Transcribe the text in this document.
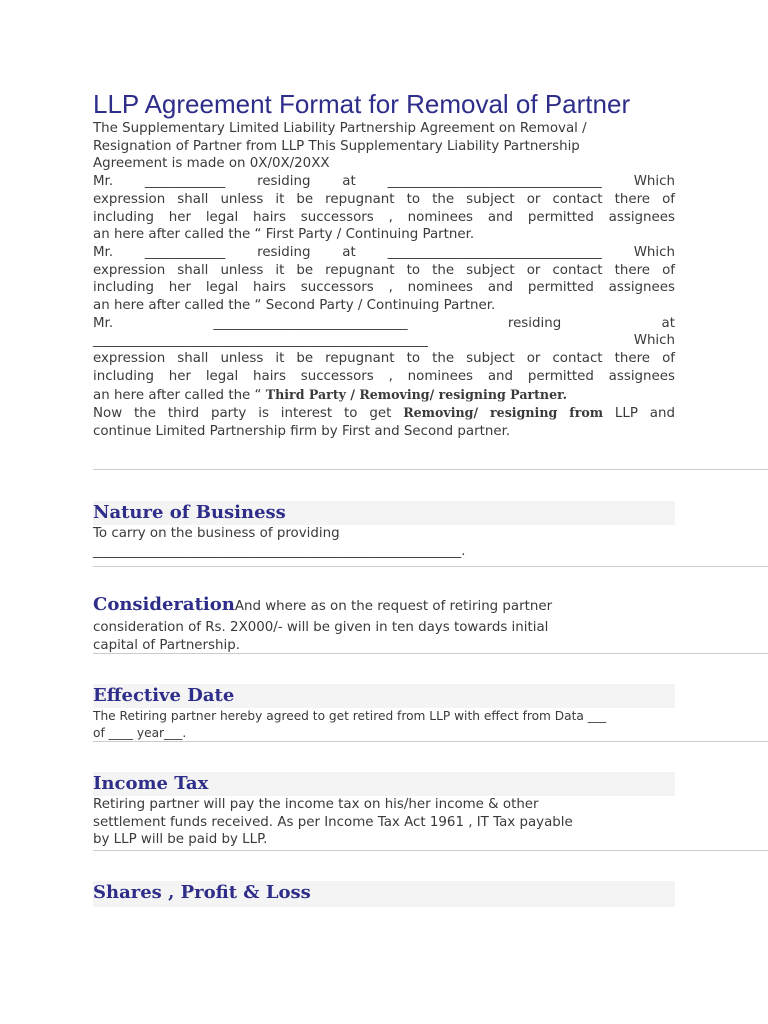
LLP Agreement Format for Removal of Partner

The Supplementary Limited Liability Partnership Agreement on Removal /

Resignation of Partner from LLP This Supplementary Liability Partnership

Agreement is made on 0X/0X/20XX

Mr. ____________ residing at ________________________________ Which

expression shall unless it be repugnant to the subject or contact there of

including her legal hairs successors , nominees and permitted assignees

an here after called the “ First Party / Continuing Partner.

Mr. ____________ residing at ________________________________ Which

expression shall unless it be repugnant to the subject or contact there of

including her legal hairs successors , nominees and permitted assignees

an here after called the “ Second Party / Continuing Partner.

Mr.	_____________________________	residing	at

__________________________________________________	Which

expression shall unless it be repugnant to the subject or contact there of

including her legal hairs successors , nominees and permitted assignees

an here after called the “ Third Party / Removing/ resigning Partner.

Now the third party is interest to get Removing/ resigning from LLP and

continue Limited Partnership firm by First and Second partner.

Nature of Business

To carry on the business of providing

_______________________________________________________.

ConsiderationAnd where as on the request of retiring partner

consideration of Rs. 2X000/- will be given in ten days towards initial

capital of Partnership.

Effective Date

The Retiring partner hereby agreed to get retired from LLP with effect from Data ___

of ____ year___.

Income Tax

Retiring partner will pay the income tax on his/her income & other

settlement funds received. As per Income Tax Act 1961 , IT Tax payable

by LLP will be paid by LLP.

Shares , Profit & Loss
